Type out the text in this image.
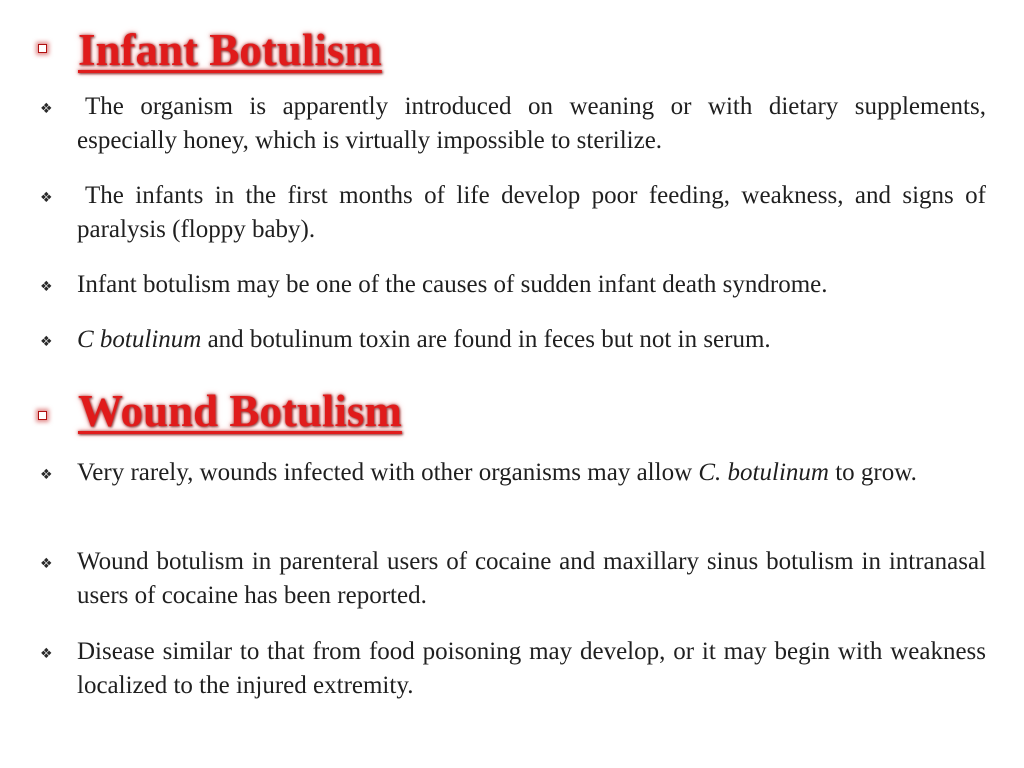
Infant Botulism
❖	The organism is apparently introduced on weaning or with dietary supplements, especially honey, which is virtually impossible to sterilize.
❖	The infants in the first months of life develop poor feeding, weakness, and signs of paralysis (floppy baby).
❖ Infant botulism may be one of the causes of sudden infant death syndrome.
❖ C botulinum and botulinum toxin are found in feces but not in serum.
Wound Botulism
❖ Very rarely, wounds infected with other organisms may allow C. botulinum to grow.
❖ Wound botulism in parenteral users of cocaine and maxillary sinus botulism in intranasal users of cocaine has been reported.
❖ Disease similar to that from food poisoning may develop, or it may begin with weakness localized to the injured extremity.
